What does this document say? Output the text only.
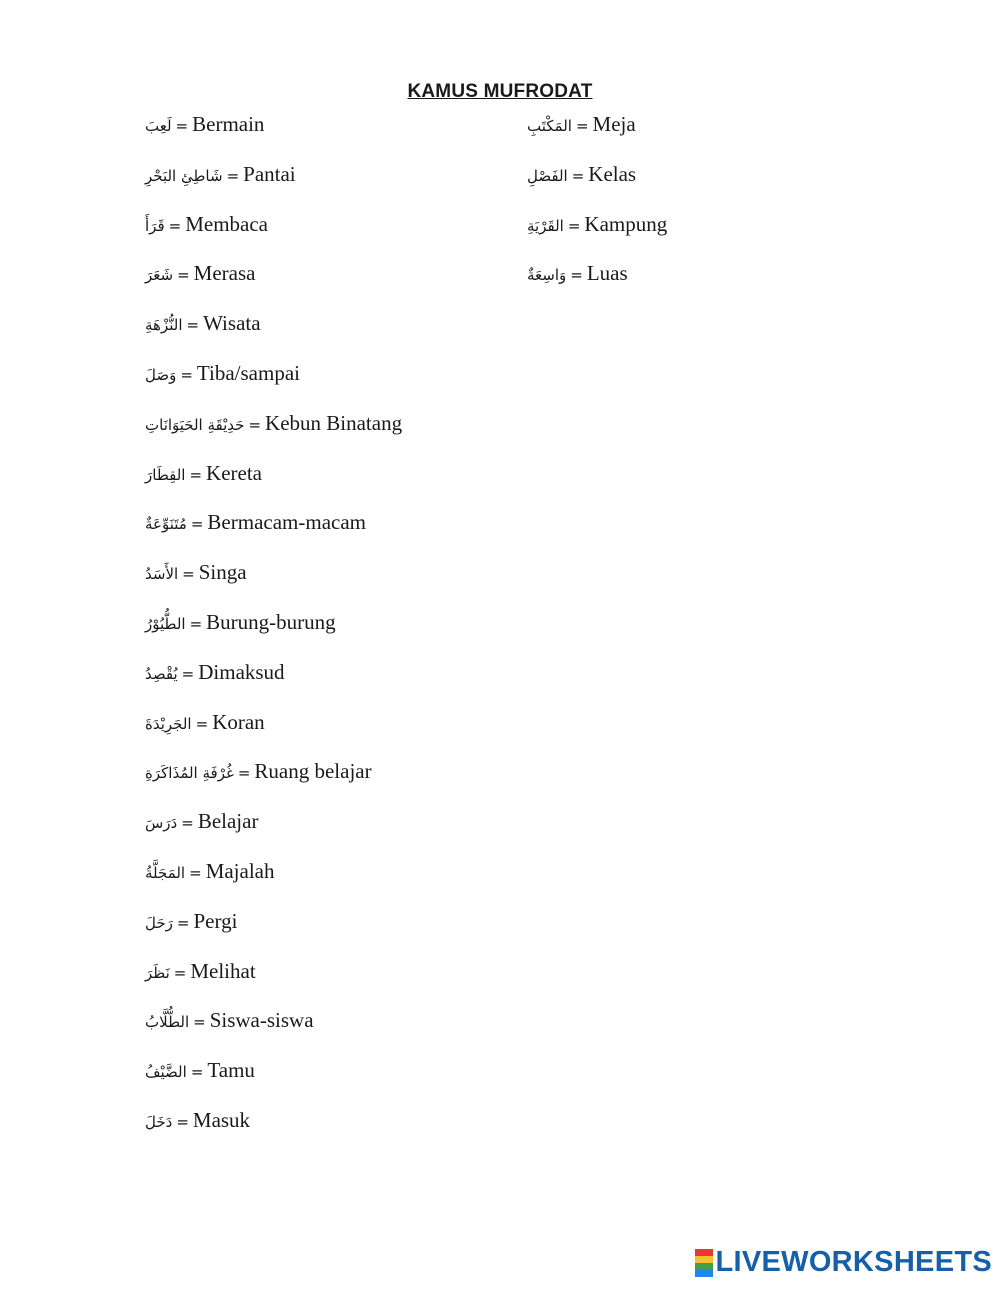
KAMUS MUFRODAT
لَعِبَ = Bermain
شَاطِئِ البَحْرِ = Pantai
قَرَأَ = Membaca
شَعَرَ = Merasa
النُّزْهَةِ = Wisata
وَصَلَ = Tiba/sampai
حَدِيْقَةِ الحَيَوَانَاتِ = Kebun Binatang
القِطَارَ = Kereta
مُتَنَوِّعَةٌ = Bermacam-macam
الأَسَدُ = Singa
الطُّيُوْرُ = Burung-burung
يُقْصِدُ = Dimaksud
الجَرِيْدَةَ = Koran
غُرْفَةِ المُذَاكَرَةِ = Ruang belajar
دَرَسَ = Belajar
المَجَلَّةُ = Majalah
رَحَلَ = Pergi
نَظَرَ = Melihat
الطُّلَّابُ = Siswa-siswa
الضَّيْفُ = Tamu
دَخَلَ = Masuk
المَكْتَبِ = Meja
الفَصْلِ = Kelas
القَرْيَةِ = Kampung
وَاسِعَةٌ = Luas
LIVEWORKSHEETS
